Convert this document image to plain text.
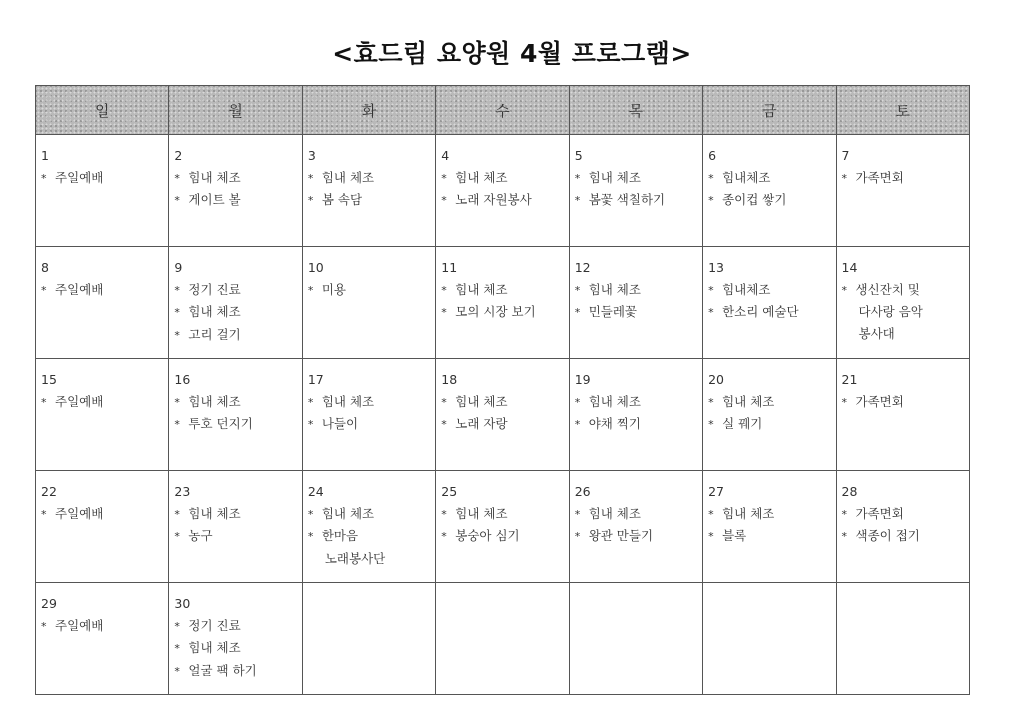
<효드림 요양원 4월 프로그램>
일	월	화	수	목	금	토

1
* 주일예배	2
* 힘내 체조
* 게이트 볼	3
* 힘내 체조
* 봄 속담	4
* 힘내 체조
* 노래 자원봉사	5
* 힘내 체조
* 봄꽃 색칠하기	6
* 힘내체조
* 종이컵 쌓기	7
* 가족면회

8
* 주일예배	9
* 정기 진료
* 힘내 체조
* 고리 걸기	10
* 미용	11
* 힘내 체조
* 모의 시장 보기	12
* 힘내 체조
* 민들레꽃	13
* 힘내체조
* 한소리 예술단	14
* 생신잔치 및
다사랑 음악
봉사대

15
* 주일예배	16
* 힘내 체조
* 투호 던지기	17
* 힘내 체조
* 나들이	18
* 힘내 체조
* 노래 자랑	19
* 힘내 체조
* 야채 찍기	20
* 힘내 체조
* 실 꿰기	21
* 가족면회

22
* 주일예배	23
* 힘내 체조
* 농구	24
* 힘내 체조
* 한마음
노래봉사단	25
* 힘내 체조
* 봉숭아 심기	26
* 힘내 체조
* 왕관 만들기	27
* 힘내 체조
* 블록	28
* 가족면회
* 색종이 접기

29
* 주일예배	30
* 정기 진료
* 힘내 체조
* 얼굴 팩 하기					
